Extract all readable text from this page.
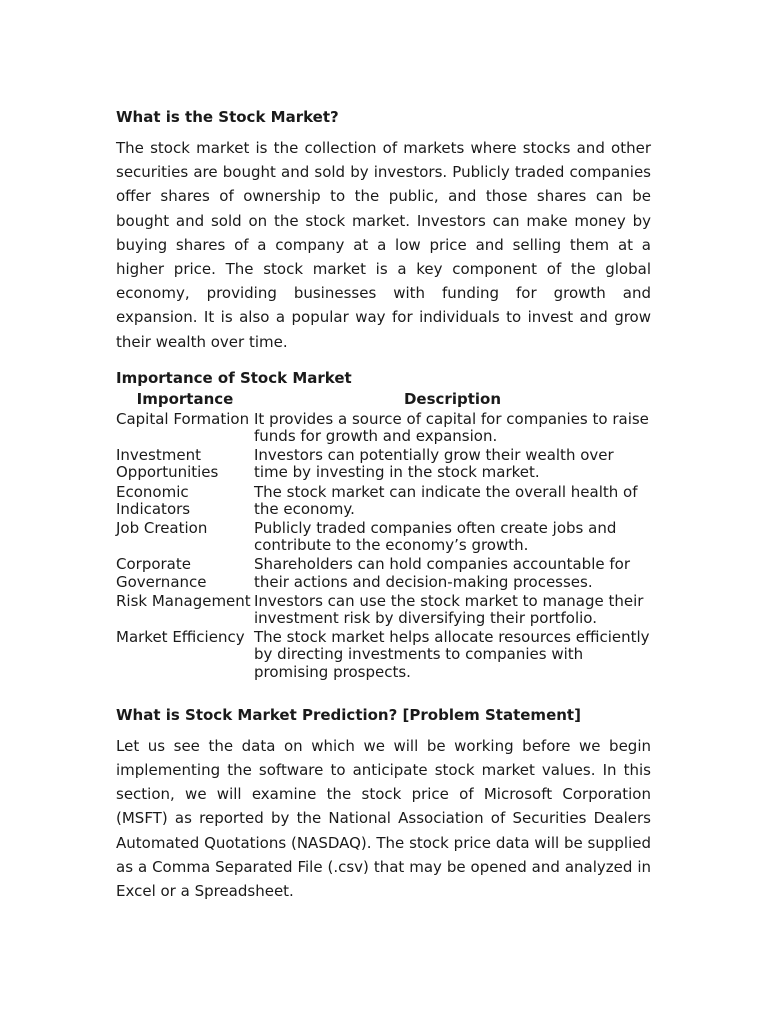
What is the Stock Market?

The stock market is the collection of markets where stocks and other securities are bought and sold by investors. Publicly traded companies offer shares of ownership to the public, and those shares can be bought and sold on the stock market. Investors can make money by buying shares of a company at a low price and selling them at a higher price. The stock market is a key component of the global economy, providing businesses with funding for growth and expansion. It is also a popular way for individuals to invest and grow their wealth over time.

Importance of Stock Market
Importance	Description
Capital Formation	It provides a source of capital for companies to raise funds for growth and expansion.
Investment Opportunities	Investors can potentially grow their wealth over time by investing in the stock market.
Economic Indicators	The stock market can indicate the overall health of the economy.
Job Creation	Publicly traded companies often create jobs and contribute to the economy’s growth.
Corporate Governance	Shareholders can hold companies accountable for their actions and decision-making processes.
Risk Management	Investors can use the stock market to manage their investment risk by diversifying their portfolio.
Market Efficiency	The stock market helps allocate resources efficiently by directing investments to companies with promising prospects.
What is Stock Market Prediction? [Problem Statement]

Let us see the data on which we will be working before we begin implementing the software to anticipate stock market values. In this section, we will examine the stock price of Microsoft Corporation (MSFT) as reported by the National Association of Securities Dealers Automated Quotations (NASDAQ). The stock price data will be supplied as a Comma Separated File (.csv) that may be opened and analyzed in Excel or a Spreadsheet.
